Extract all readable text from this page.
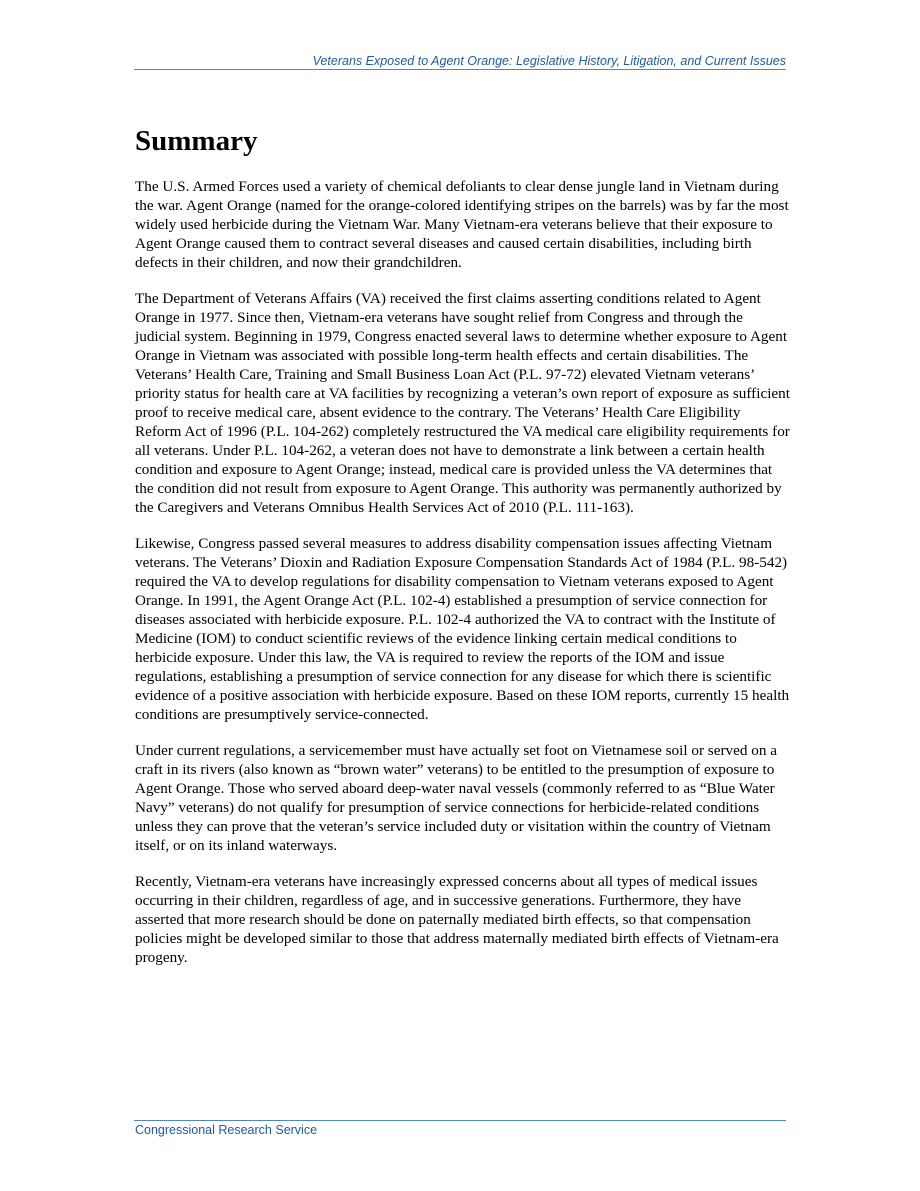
Veterans Exposed to Agent Orange: Legislative History, Litigation, and Current Issues
Summary

The U.S. Armed Forces used a variety of chemical defoliants to clear dense jungle land in Vietnam during the war. Agent Orange (named for the orange-colored identifying stripes on the barrels) was by far the most widely used herbicide during the Vietnam War. Many Vietnam-era veterans believe that their exposure to Agent Orange caused them to contract several diseases and caused certain disabilities, including birth defects in their children, and now their grandchildren.

The Department of Veterans Affairs (VA) received the first claims asserting conditions related to Agent Orange in 1977. Since then, Vietnam-era veterans have sought relief from Congress and through the judicial system. Beginning in 1979, Congress enacted several laws to determine whether exposure to Agent Orange in Vietnam was associated with possible long-term health effects and certain disabilities. The Veterans’ Health Care, Training and Small Business Loan Act (P.L. 97-72) elevated Vietnam veterans’ priority status for health care at VA facilities by recognizing a veteran’s own report of exposure as sufficient proof to receive medical care, absent evidence to the contrary. The Veterans’ Health Care Eligibility Reform Act of 1996 (P.L. 104-262) completely restructured the VA medical care eligibility requirements for all veterans. Under P.L. 104-262, a veteran does not have to demonstrate a link between a certain health condition and exposure to Agent Orange; instead, medical care is provided unless the VA determines that the condition did not result from exposure to Agent Orange. This authority was permanently authorized by the Caregivers and Veterans Omnibus Health Services Act of 2010 (P.L. 111-163).

Likewise, Congress passed several measures to address disability compensation issues affecting Vietnam veterans. The Veterans’ Dioxin and Radiation Exposure Compensation Standards Act of 1984 (P.L. 98-542) required the VA to develop regulations for disability compensation to Vietnam veterans exposed to Agent Orange. In 1991, the Agent Orange Act (P.L. 102-4) established a presumption of service connection for diseases associated with herbicide exposure. P.L. 102-4 authorized the VA to contract with the Institute of Medicine (IOM) to conduct scientific reviews of the evidence linking certain medical conditions to herbicide exposure. Under this law, the VA is required to review the reports of the IOM and issue regulations, establishing a presumption of service connection for any disease for which there is scientific evidence of a positive association with herbicide exposure. Based on these IOM reports, currently 15 health conditions are presumptively service-connected.

Under current regulations, a servicemember must have actually set foot on Vietnamese soil or served on a craft in its rivers (also known as “brown water” veterans) to be entitled to the presumption of exposure to Agent Orange. Those who served aboard deep-water naval vessels (commonly referred to as “Blue Water Navy” veterans) do not qualify for presumption of service connections for herbicide-related conditions unless they can prove that the veteran’s service included duty or visitation within the country of Vietnam itself, or on its inland waterways.

Recently, Vietnam-era veterans have increasingly expressed concerns about all types of medical issues occurring in their children, regardless of age, and in successive generations. Furthermore, they have asserted that more research should be done on paternally mediated birth effects, so that compensation policies might be developed similar to those that address maternally mediated birth effects of Vietnam-era progeny.

Congressional Research Service
